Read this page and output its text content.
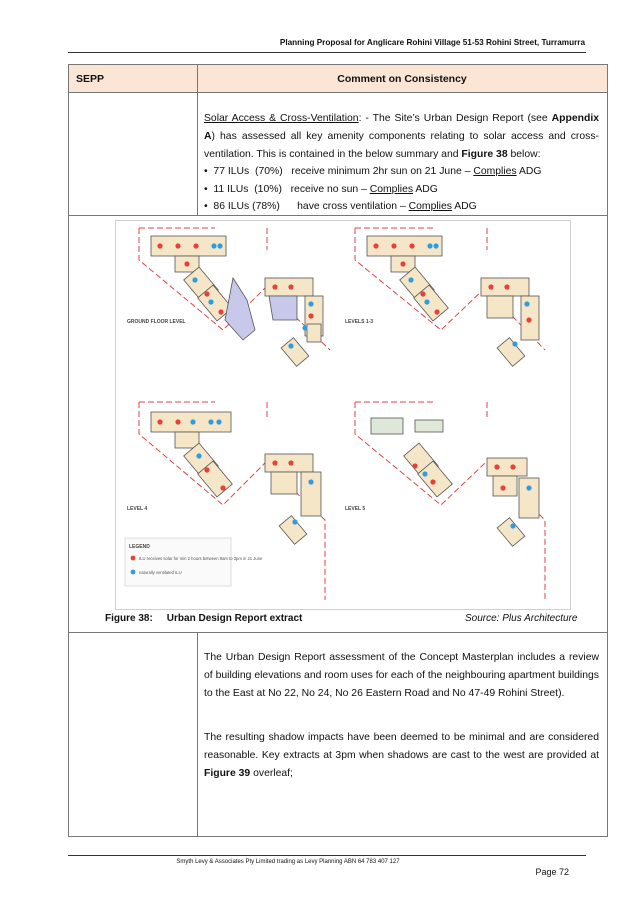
Planning Proposal for Anglicare Rohini Village 51-53 Rohini Street, Turramurra
SEPP	Comment on Consistency
Solar Access & Cross-Ventilation: - The Site’s Urban Design Report (see Appendix A) has assessed all key amenity components relating to solar access and cross-ventilation. This is contained in the below summary and Figure 38 below:
•  77 ILUs  (70%)   receive minimum 2hr sun on 21 June – Complies ADG
•  11 ILUs  (10%)   receive no sun – Complies ADG
•  86 ILUs (78%)      have cross ventilation – Complies ADG
GROUND FLOOR LEVEL	LEVELS 1-3
LEVEL 4	LEVEL 5
LEGEND
ILU receives solar for min 2 hours between 9am to 3pm in 21 June
naturally ventilated ILU
Figure 38: Urban Design Report extract	Source: Plus Architecture
The Urban Design Report assessment of the Concept Masterplan includes a review of building elevations and room uses for each of the neighbouring apartment buildings to the East at No 22, No 24, No 26 Eastern Road and No 47-49 Rohini Street).
The resulting shadow impacts have been deemed to be minimal and are considered reasonable. Key extracts at 3pm when shadows are cast to the west are provided at Figure 39 overleaf;
Smyth Levy & Associates Pty Limited trading as Levy Planning ABN 64 783 407 127
Page 72
